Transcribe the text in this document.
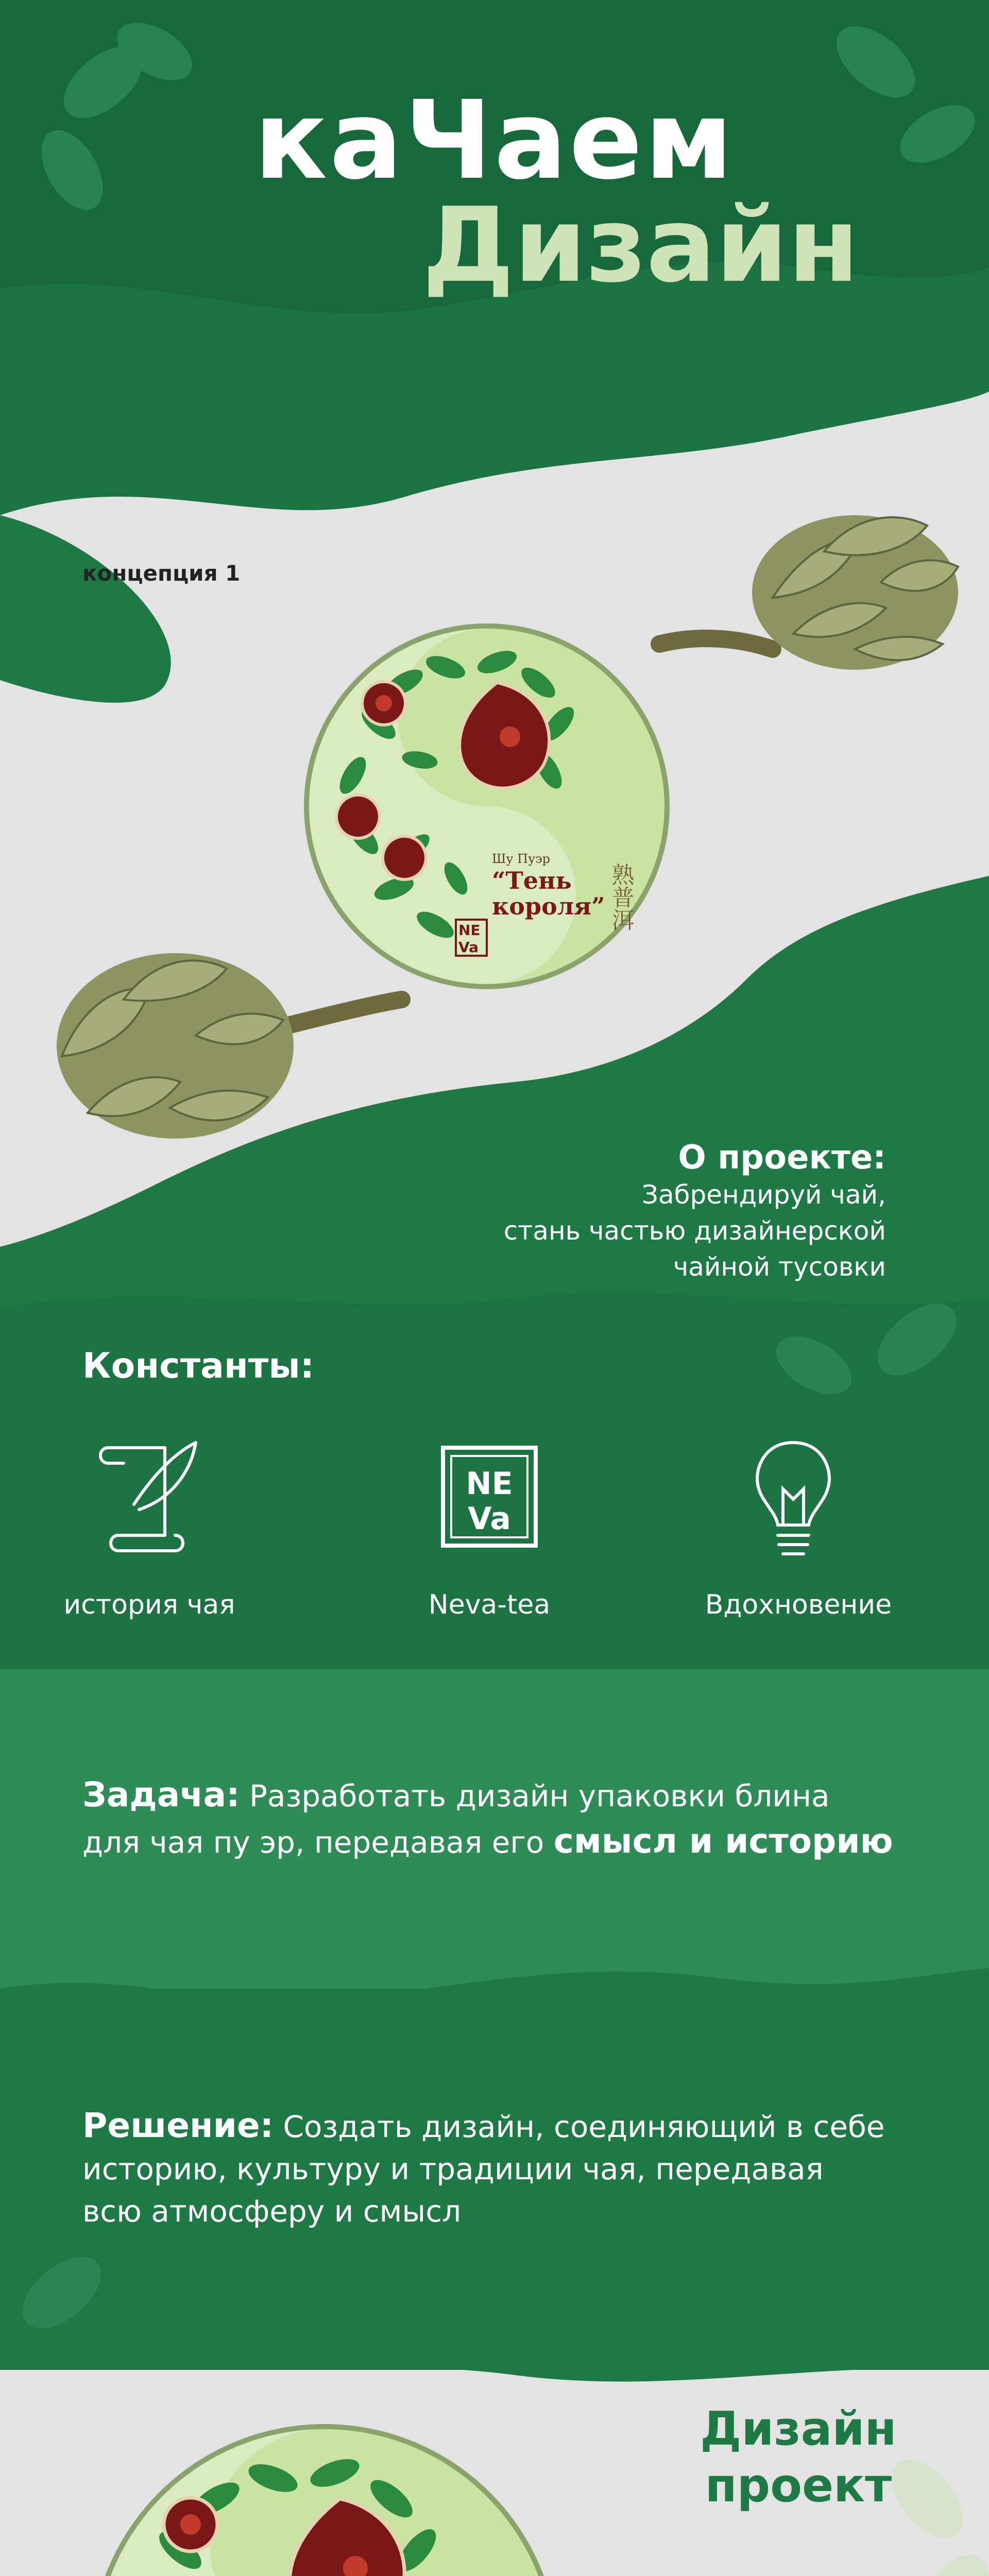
каЧаем
Дизайн
концепция 1
Шу Пуэр
“Тень
короля” 熟普洱
NE
Va
О проекте:
Забрендируй чай,
стань частью дизайнерской
чайной тусовки
Константы:
NE
Va
история чая	Neva-tea	Вдохновение
Задача: Разработать дизайн упаковки блина
для чая пу эр, передавая его смысл и историю
Решение: Создать дизайн, соединяющий в себе
историю, культуру и традиции чая, передавая
всю атмосферу и смысл
Дизайн
проект
